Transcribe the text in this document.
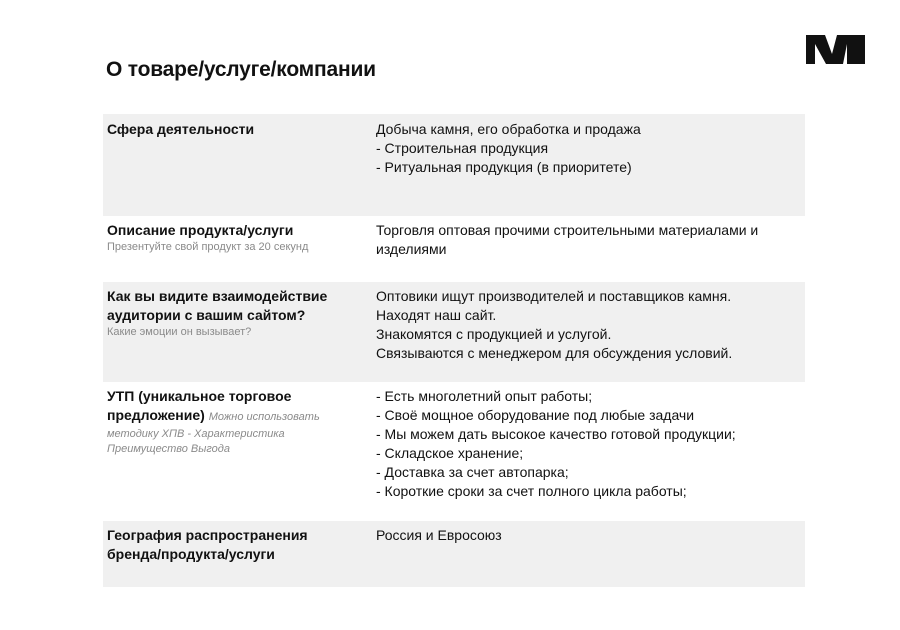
О товаре/услуге/компании
Сфера деятельности	Добыча камня, его обработка и продажа
- Строительная продукция
- Ритуальная продукция (в приоритете)
Описание продукта/услуги
Презентуйте свой продукт за 20 секунд
Торговля оптовая прочими строительными материалами и изделиями
Как вы видите взаимодействие
аудитории с вашим сайтом?
Какие эмоции он вызывает?
Оптовики ищут производителей и поставщиков камня.
Находят наш сайт.
Знакомятся с продукцией и услугой.
Связываются с менеджером для обсуждения условий.
УТП (уникальное торговое
предложение) Можно использовать
методику ХПВ - Характеристика
Преимущество Выгода
- Есть многолетний опыт работы;
- Своё мощное оборудование под любые задачи
- Мы можем дать высокое качество готовой продукции;
- Складское хранение;
- Доставка за счет автопарка;
- Короткие сроки за счет полного цикла работы;
География распространения
бренда/продукта/услуги
Россия и Евросоюз
